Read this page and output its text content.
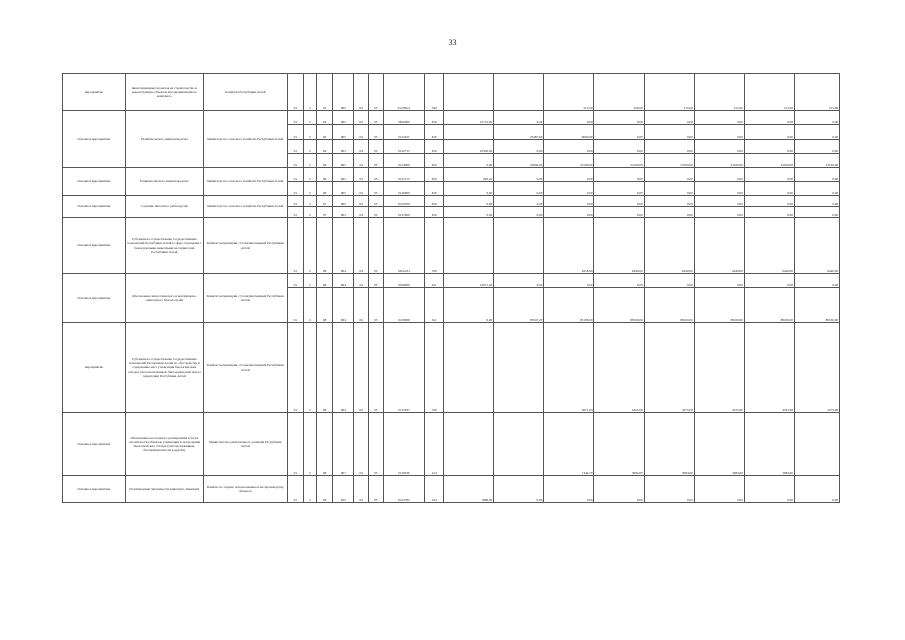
33
мероприятие	инвестиционных проектов на строительство и реконструкцию объектов агропромышленного комплекса	хозяйства Республики Алтай	01	2	02	905	04	05	01259G2	540			512,20	200,00	215,00	215,00	215,00	215,00
Основное мероприятие	Развитие малого животноводства	Министерство сельского хозяйства Республики Алтай	01	2	04	905	04	05	2820000	810	27131,00	0,00	0,00	0,00	0,00	0,00	0,00	0,00
			01	2	04	905	04	05	0125451	810		25487,00	9000,00	0,00	0,00	0,00	0,00	0,00
			01	2	04	905	04	05	0122715	810	22500,00	0,00	0,00	0,00	0,00	0,00	0,00	0,00
			01	2	04	905	04	05	0124000	810	0,00	23000,00	23100,00	23100,00	23100,00	23100,00	23100,00	23100,00
Основное мероприятие	Развитие мясного животноводства	Министерство сельского хозяйства Республики Алтай	01	2	06	905	04	05	0122715	810	992,41	0,00	0,00	0,00	0,00	0,00	0,00	0,00
			01	2	06	905	04	05	0126000	810	0,00	0,00	0,00	0,00	0,00	0,00	0,00	0,00
Основное мероприятие	Создание пилотного рыбоводства	Министерство сельского хозяйства Республики Алтай	01	2	07	905	04	05	0126700	810	0,00	0,00	0,00	0,00	0,00	0,00	0,00	0,00
			01	2	07	905	04	05	0127000	810	0,00	0,00	0,00	0,00	0,00	0,00	0,00	0,00
Основное мероприятие	Субсидии на осуществление государственных полномочий Республики Алтай в сфере обращения с безнадзорными животными на территории Республики Алтай	Комитет ветеринарии с Госветинспекцией Республики Алтай	01	2	08	904	04	05	M2А431	530			6418,00	6440,00	6440,00	6440,00	6440,00	6440,00
Основное мероприятие	Обеспечение эпизоотического и ветеринарно-санитарного благополучия	Комитет ветеринарии с Госветинспекцией Республики Алтай	01	2	08	904	04	05	0526900	611	41971,46	0,00	0,00	0,00	0,00	0,00	0,00	0,00
			01	2	08	904	04	05	0128000	611	0,00	87047,20	85186,90	88160,00	88160,00	88160,00	88160,00	88160,00
мероприятие	Субсидии на осуществление государственных полномочий Республики Алтай по обустройству и содержанию мест утилизации биологических отходов (скотомогильников, биотермических ям) на территории Республики Алтай	Комитет ветеринарии с Госветинспекцией Республики Алтай	01	2	08	904	04	05	0125937	530			3671,63	4325,00	4375,00	4375,00	4325,00	4375,00
Основное мероприятие	Обеспечение неотложного реагирования в части строительства объектов утилизации и захоронения биологических отходов (скотомогильников, биотермических ям и других)	Министерство регионального развития Республики Алтай	01	2	08	907	04	05	0128336	414			1344,70	3084,00	3084,00	3084,00	3084,00	
Основное мероприятие	Регулирование численности животных, имеющих	Комитет по охране, использованию и воспроизводству объектов	01	2	09	925	04	05	0122782	244	1880,09	0,00	0,00	0,00	0,00	0,00	0,00	0,00
